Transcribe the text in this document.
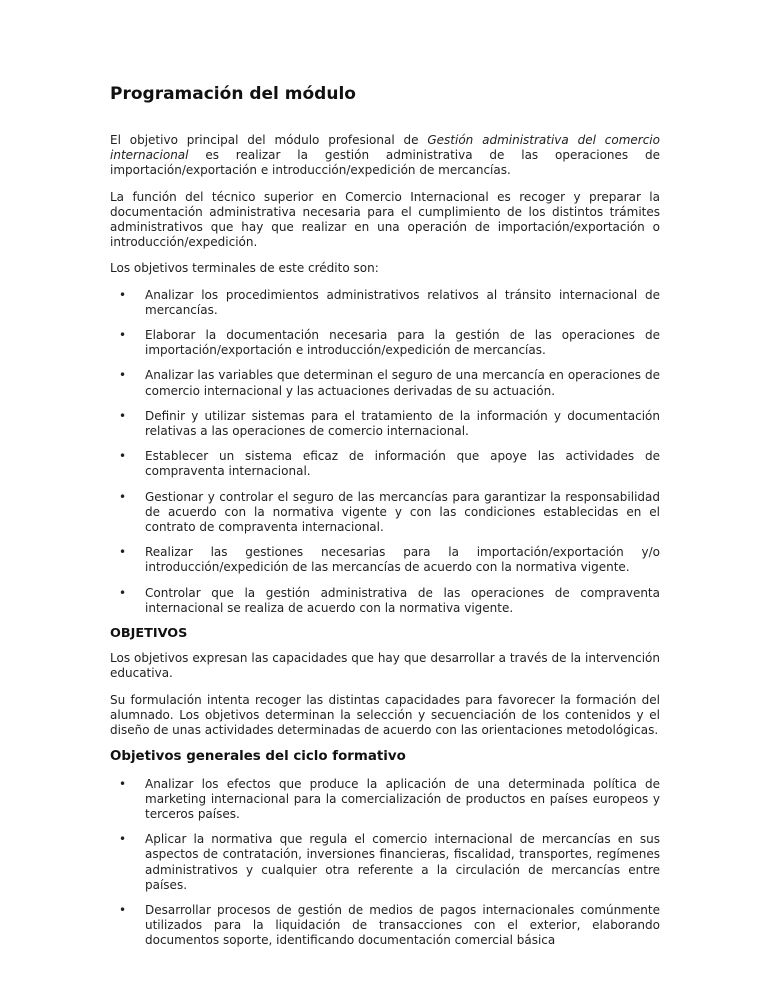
Programación del módulo

El objetivo principal del módulo profesional de Gestión administrativa del comercio internacional es realizar la gestión administrativa de las operaciones de importación/exportación e introducción/expedición de mercancías.

La función del técnico superior en Comercio Internacional es recoger y preparar la documentación administrativa necesaria para el cumplimiento de los distintos trámites administrativos que hay que realizar en una operación de importación/exportación o introducción/expedición.

Los objetivos terminales de este crédito son:

•	Analizar los procedimientos administrativos relativos al tránsito internacional de mercancías.
•	Elaborar la documentación necesaria para la gestión de las operaciones de importación/exportación e introducción/expedición de mercancías.
•	Analizar las variables que determinan el seguro de una mercancía en operaciones de comercio internacional y las actuaciones derivadas de su actuación.
•	Definir y utilizar sistemas para el tratamiento de la información y documentación relativas a las operaciones de comercio internacional.
•	Establecer un sistema eficaz de información que apoye las actividades de compraventa internacional.
•	Gestionar y controlar el seguro de las mercancías para garantizar la responsabilidad de acuerdo con la normativa vigente y con las condiciones establecidas en el contrato de compraventa internacional.
•	Realizar las gestiones necesarias para la importación/exportación y/o introducción/expedición de las mercancías de acuerdo con la normativa vigente.
•	Controlar que la gestión administrativa de las operaciones de compraventa internacional se realiza de acuerdo con la normativa vigente.
OBJETIVOS

Los objetivos expresan las capacidades que hay que desarrollar a través de la intervención educativa.

Su formulación intenta recoger las distintas capacidades para favorecer la formación del alumnado. Los objetivos determinan la selección y secuenciación de los contenidos y el diseño de unas actividades determinadas de acuerdo con las orientaciones metodológicas.

Objetivos generales del ciclo formativo
•	Analizar los efectos que produce la aplicación de una determinada política de marketing internacional para la comercialización de productos en países europeos y terceros países.
•	Aplicar la normativa que regula el comercio internacional de mercancías en sus aspectos de contratación, inversiones financieras, fiscalidad, transportes, regímenes administrativos y cualquier otra referente a la circulación de mercancías entre países.
•	Desarrollar procesos de gestión de medios de pagos internacionales comúnmente utilizados para la liquidación de transacciones con el exterior, elaborando documentos soporte, identificando documentación comercial básica
